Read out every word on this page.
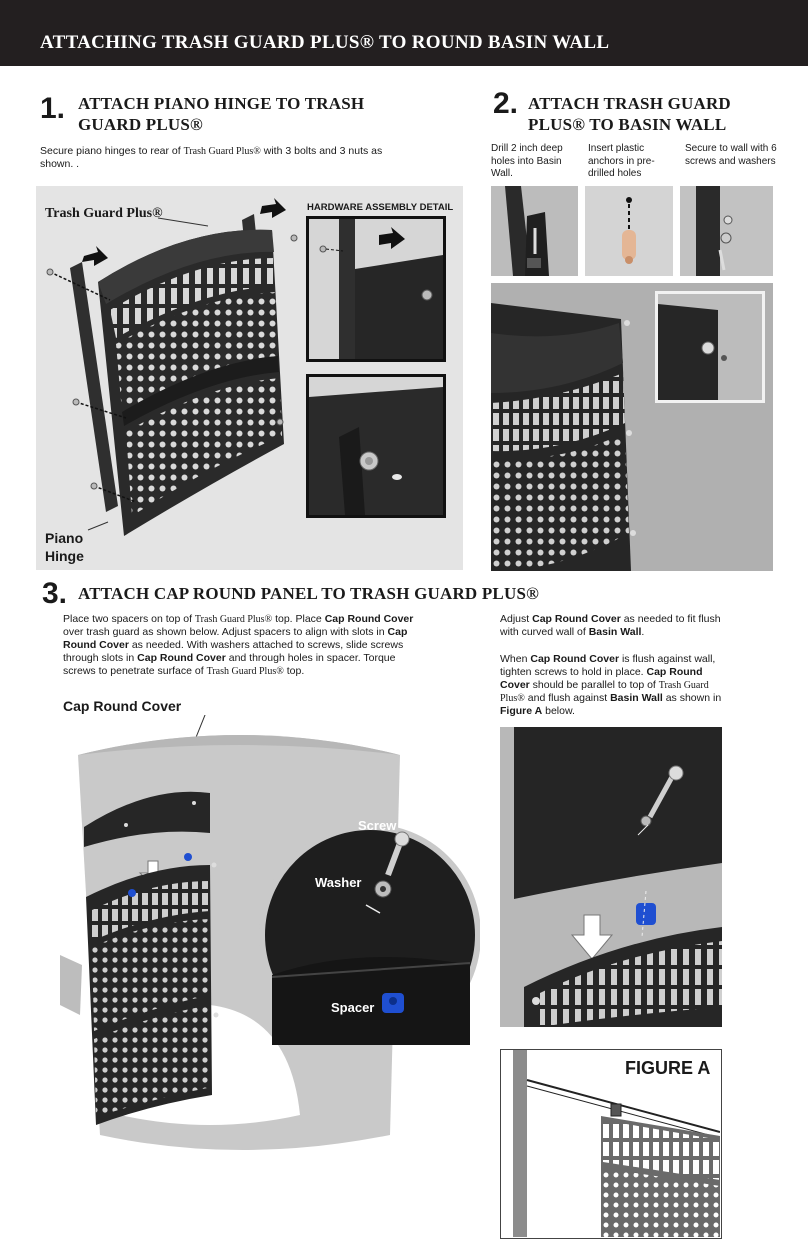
ATTACHING TRASH GUARD PLUS® TO ROUND BASIN WALL
1. ATTACH PIANO HINGE TO TRASH
GUARD PLUS®
Secure piano hinges to rear of Trash Guard Plus® with 3 bolts and 3 nuts as shown. .
Trash Guard Plus®
Piano
Hinge
HARDWARE ASSEMBLY DETAIL
2. ATTACH TRASH GUARD
PLUS® TO BASIN WALL
Drill 2 inch deep holes into Basin Wall.
Insert plastic anchors in pre-drilled holes
Secure to wall with 6 screws and washers
3. ATTACH CAP ROUND PANEL TO TRASH GUARD PLUS®
Place two spacers on top of Trash Guard Plus® top. Place Cap Round Cover over trash guard as shown below. Adjust spacers to align with slots in Cap Round Cover as needed. With washers attached to screws, slide screws through slots in Cap Round Cover and through holes in spacer. Torque screws to penetrate surface of Trash Guard Plus® top.
Adjust Cap Round Cover as needed to fit flush with curved wall of Basin Wall.
When Cap Round Cover is flush against wall, tighten screws to hold in place. Cap Round Cover should be parallel to top of Trash Guard Plus® and flush against Basin Wall as shown in Figure A below.
Cap Round Cover
Screw
Washer
Spacer
FIGURE A
